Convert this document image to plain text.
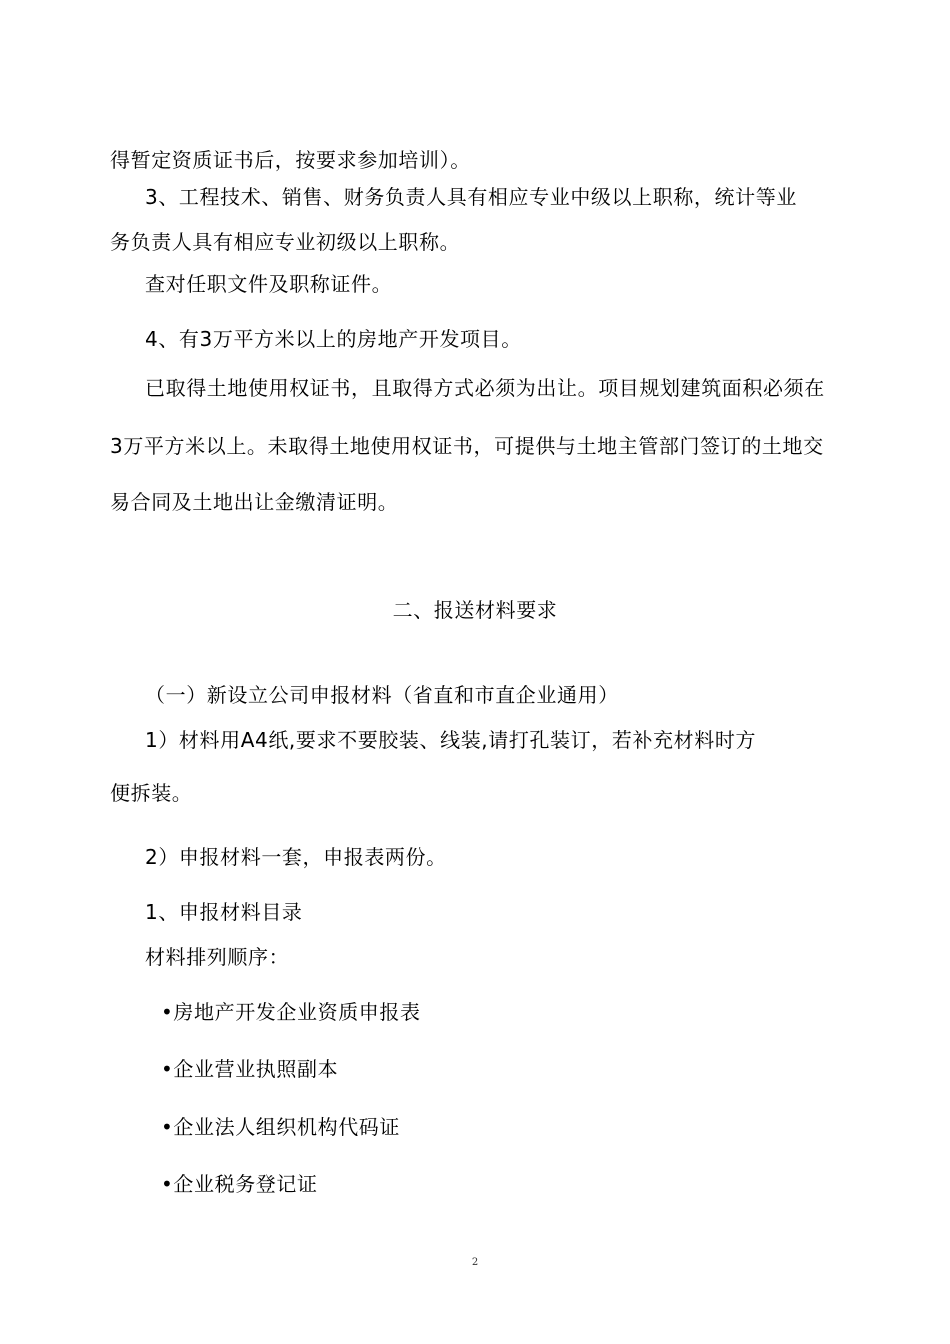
得暂定资质证书后，按要求参加培训）。
3、工程技术、销售、财务负责人具有相应专业中级以上职称，统计等业
务负责人具有相应专业初级以上职称。
查对任职文件及职称证件。
4、有3万平方米以上的房地产开发项目。
已取得土地使用权证书，且取得方式必须为出让。项目规划建筑面积必须在
3万平方米以上。未取得土地使用权证书，可提供与土地主管部门签订的土地交
易合同及土地出让金缴清证明。
二、报送材料要求
（一）新设立公司申报材料（省直和市直企业通用）
1）材料用A4纸,要求不要胶装、线装,请打孔装订，若补充材料时方
便拆装。
2）申报材料一套，申报表两份。
1、申报材料目录
材料排列顺序：
•房地产开发企业资质申报表
•企业营业执照副本
•企业法人组织机构代码证
•企业税务登记证
2
